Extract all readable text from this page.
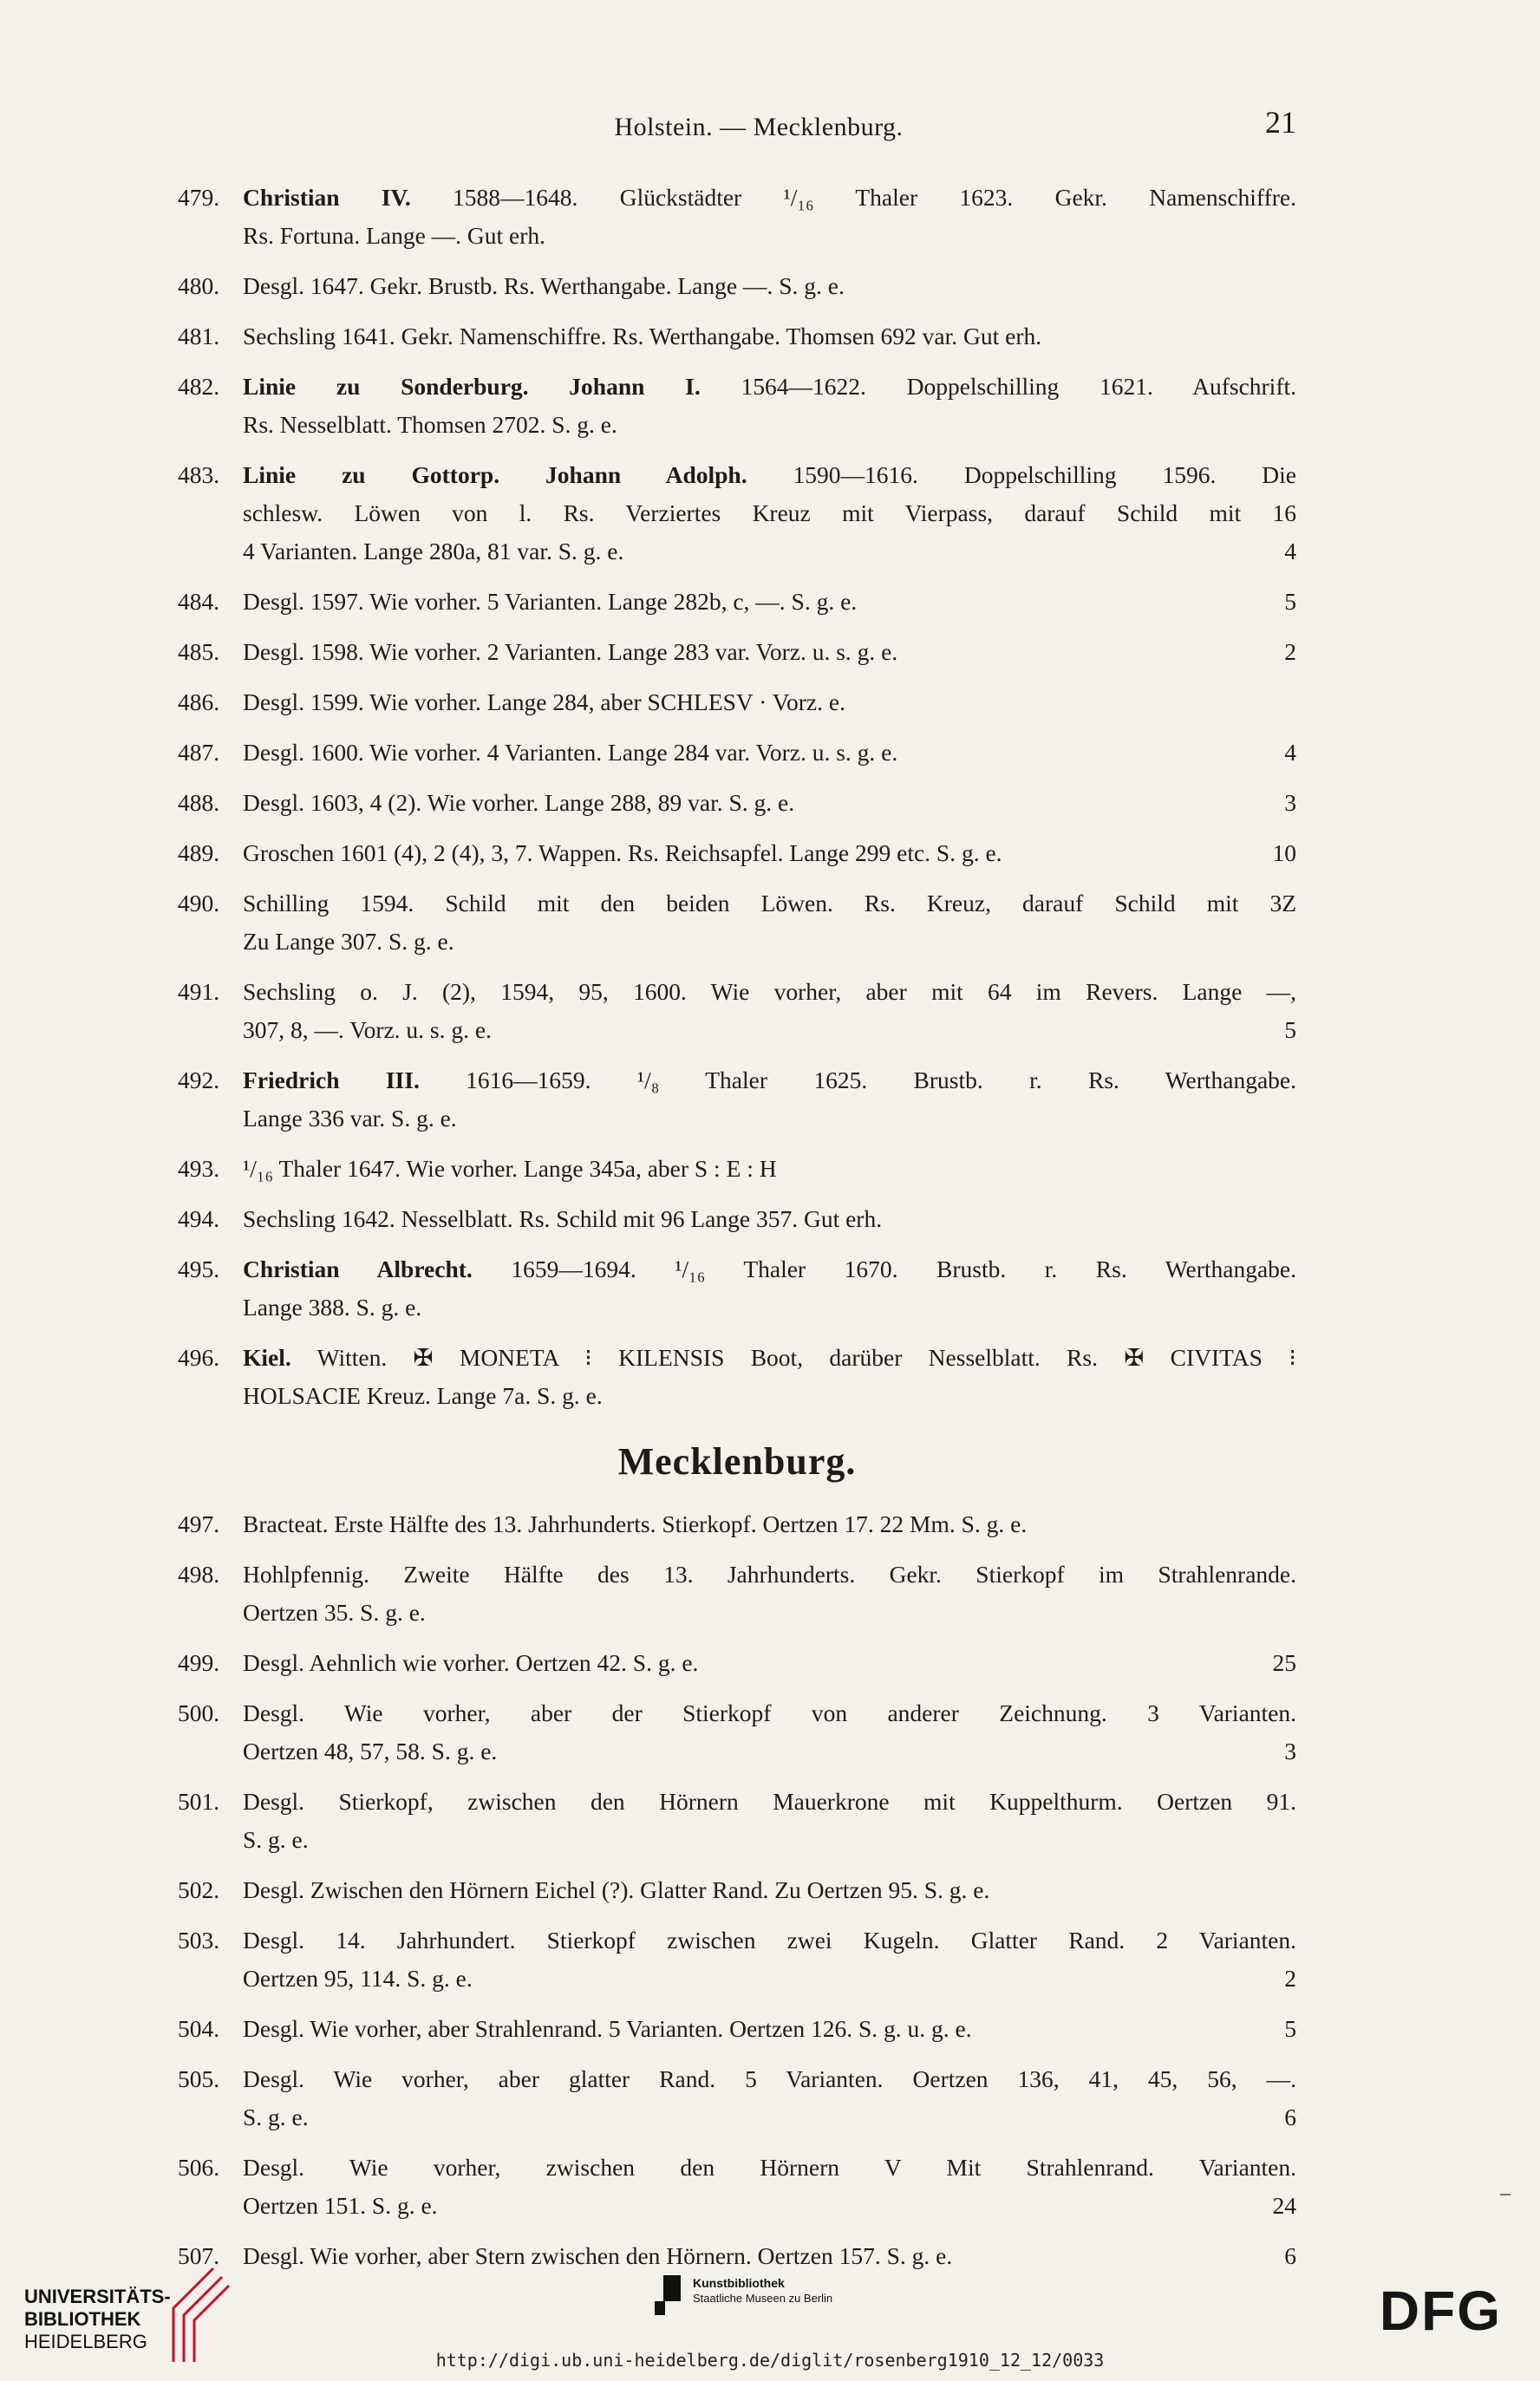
Holstein. — Mecklenburg.	21
479. Christian IV. 1588—1648. Glückstädter ¹/₁₆ Thaler 1623. Gekr. Namenschiffre.
Rs. Fortuna. Lange —. Gut erh.
480. Desgl. 1647. Gekr. Brustb. Rs. Werthangabe. Lange —. S. g. e.
481. Sechsling 1641. Gekr. Namenschiffre. Rs. Werthangabe. Thomsen 692 var. Gut erh.
482. Linie zu Sonderburg. Johann I. 1564—1622. Doppelschilling 1621. Aufschrift.
Rs. Nesselblatt. Thomsen 2702. S. g. e.
483. Linie zu Gottorp. Johann Adolph. 1590—1616. Doppelschilling 1596. Die
schlesw. Löwen von l. Rs. Verziertes Kreuz mit Vierpass, darauf Schild mit 16
4 Varianten. Lange 280a, 81 var. S. g. e.	4
484. Desgl. 1597. Wie vorher. 5 Varianten. Lange 282b, c, —. S. g. e.	5
485. Desgl. 1598. Wie vorher. 2 Varianten. Lange 283 var. Vorz. u. s. g. e.	2
486. Desgl. 1599. Wie vorher. Lange 284, aber SCHLESV · Vorz. e.
487. Desgl. 1600. Wie vorher. 4 Varianten. Lange 284 var. Vorz. u. s. g. e.	4
488. Desgl. 1603, 4 (2). Wie vorher. Lange 288, 89 var. S. g. e.	3
489. Groschen 1601 (4), 2 (4), 3, 7. Wappen. Rs. Reichsapfel. Lange 299 etc. S. g. e.	10
490. Schilling 1594. Schild mit den beiden Löwen. Rs. Kreuz, darauf Schild mit 3Z
Zu Lange 307. S. g. e.
491. Sechsling o. J. (2), 1594, 95, 1600. Wie vorher, aber mit 64 im Revers. Lange —,
307, 8, —. Vorz. u. s. g. e.	5
492. Friedrich III. 1616—1659. ¹/₈ Thaler 1625. Brustb. r. Rs. Werthangabe.
Lange 336 var. S. g. e.
493. ¹/₁₆ Thaler 1647. Wie vorher. Lange 345a, aber S : E : H
494. Sechsling 1642. Nesselblatt. Rs. Schild mit 96 Lange 357. Gut erh.
495. Christian Albrecht. 1659—1694. ¹/₁₆ Thaler 1670. Brustb. r. Rs. Werthangabe.
Lange 388. S. g. e.
496. Kiel. Witten. ✠ MONETA ⁝ KILENSIS Boot, darüber Nesselblatt. Rs. ✠ CIVITAS ⁝
HOLSACIE Kreuz. Lange 7a. S. g. e.
Mecklenburg.
497. Bracteat. Erste Hälfte des 13. Jahrhunderts. Stierkopf. Oertzen 17. 22 Mm. S. g. e.
498. Hohlpfennig. Zweite Hälfte des 13. Jahrhunderts. Gekr. Stierkopf im Strahlenrande.
Oertzen 35. S. g. e.
499. Desgl. Aehnlich wie vorher. Oertzen 42. S. g. e.	25
500. Desgl. Wie vorher, aber der Stierkopf von anderer Zeichnung. 3 Varianten.
Oertzen 48, 57, 58. S. g. e.	3
501. Desgl. Stierkopf, zwischen den Hörnern Mauerkrone mit Kuppelthurm. Oertzen 91.
S. g. e.
502. Desgl. Zwischen den Hörnern Eichel (?). Glatter Rand. Zu Oertzen 95. S. g. e.
503. Desgl. 14. Jahrhundert. Stierkopf zwischen zwei Kugeln. Glatter Rand. 2 Varianten.
Oertzen 95, 114. S. g. e.	2
504. Desgl. Wie vorher, aber Strahlenrand. 5 Varianten. Oertzen 126. S. g. u. g. e.	5
505. Desgl. Wie vorher, aber glatter Rand. 5 Varianten. Oertzen 136, 41, 45, 56, —.
S. g. e.	6
506. Desgl. Wie vorher, zwischen den Hörnern V Mit Strahlenrand. Varianten.
Oertzen 151. S. g. e.	24
507. Desgl. Wie vorher, aber Stern zwischen den Hörnern. Oertzen 157. S. g. e.	6
UNIVERSITÄTS-
BIBLIOTHEK
HEIDELBERG
Kunstbibliothek
Staatliche Museen zu Berlin	DFG
http://digi.ub.uni-heidelberg.de/diglit/rosenberg1910_12_12/0033
